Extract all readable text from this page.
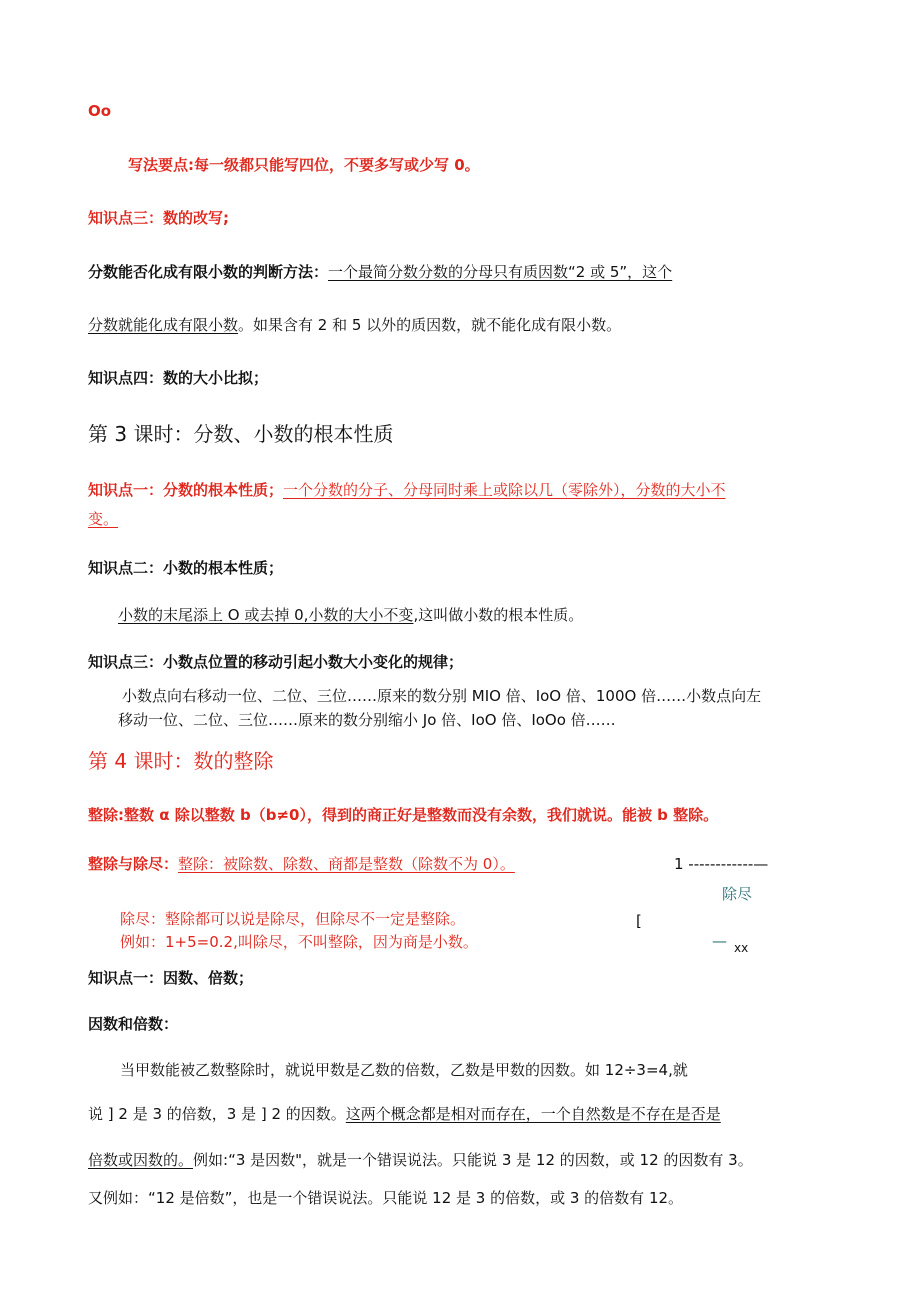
Oo
写法要点:每一级都只能写四位，不要多写或少写 0。
知识点三：数的改写;
分数能否化成有限小数的判断方法：一个最简分数分数的分母只有质因数“2 或 5”，这个
分数就能化成有限小数。如果含有 2 和 5 以外的质因数，就不能化成有限小数。
知识点四：数的大小比拟；
第 3 课时：分数、小数的根本性质
知识点一：分数的根本性质；一个分数的分子、分母同时乘上或除以几（零除外），分数的大小不
变。
知识点二：小数的根本性质；
小数的末尾添上 O 或去掉 0,小数的大小不变,这叫做小数的根本性质。
知识点三：小数点位置的移动引起小数大小变化的规律；
小数点向右移动一位、二位、三位……原来的数分别 MIO 倍、IoO 倍、100O 倍……小数点向左
移动一位、二位、三位……原来的数分别缩小 Jo 倍、IoO 倍、IoOo 倍……
第 4 课时：数的整除
整除:整数 α 除以整数 b（b≠0），得到的商正好是整数而没有余数，我们就说。能被 b 整除。
整除与除尽：整除：被除数、除数、商都是整数（除数不为 0）。	1 ------------—
除尽
[
— xx
除尽：整除都可以说是除尽，但除尽不一定是整除。
例如：1+5=0.2,叫除尽，不叫整除，因为商是小数。
知识点一：因数、倍数；
因数和倍数：
当甲数能被乙数整除时，就说甲数是乙数的倍数，乙数是甲数的因数。如 12÷3=4,就
说 ] 2 是 3 的倍数，3 是 ] 2 的因数。这两个概念都是相对而存在，一个自然数是不存在是否是
倍数或因数的。例如:“3 是因数"，就是一个错误说法。只能说 3 是 12 的因数，或 12 的因数有 3。
又例如：“12 是倍数”，也是一个错误说法。只能说 12 是 3 的倍数，或 3 的倍数有 12。
